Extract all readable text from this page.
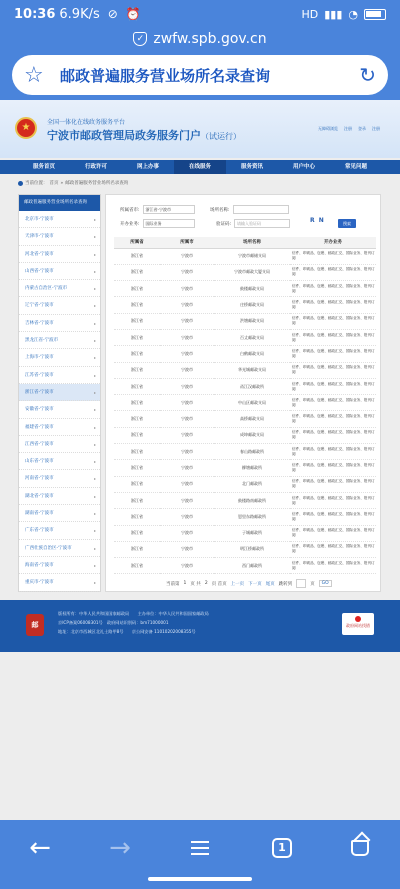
10:36 6.9K/s ⊘ ⏰	HD ▮▮▮ ◔
✓ zwfw.spb.gov.cn
☆	邮政普遍服务营业场所名录查询	↻
★	全国一体化在线政务服务平台
宁波市邮政管理局政务服务门户（试运行）
无障碍浏览 注册 登录 注册
服务首页	行政许可	网上办事	在线服务	服务资讯	用户中心	常见问题
当前位置： 首页 » 邮政普遍服务营业场所名录查询
邮政普遍服务营业场所名录查询
北京市-宁波市 ▸
天津市-宁波市 ▸
河北省-宁波市 ▸
山西省-宁波市 ▸
内蒙古自治区-宁波市 ▸
辽宁省-宁波市 ▸
吉林省-宁波市 ▸
黑龙江省-宁波市 ▸
上海市-宁波市 ▸
江苏省-宁波市 ▸
浙江省-宁波市 ▸
安徽省-宁波市 ▸
福建省-宁波市 ▸
江西省-宁波市 ▸
山东省-宁波市 ▸
河南省-宁波市 ▸
湖北省-宁波市 ▸
湖南省-宁波市 ▸
广东省-宁波市 ▸
广西壮族自治区-宁波市 ▸
海南省-宁波市 ▸
重庆市-宁波市 ▸
所属省市:	浙江省-宁波市	场所名称:
开办业务:	国际业务	验证码:	请输入验证码	R N	搜索
所属省	所属市	场所名称	开办业务
浙江省	宁波市	宁波市邮储支局	信件、印刷品、包裹、邮政汇兑、国际业务、报刊订阅
浙江省	宁波市	宁波市邮政大厦支局	信件、印刷品、包裹、邮政汇兑、国际业务、报刊订阅
浙江省	宁波市	鼓楼邮政支局	信件、印刷品、包裹、邮政汇兑、国际业务、报刊订阅
浙江省	宁波市	庄桥邮政支局	信件、印刷品、包裹、邮政汇兑、国际业务、报刊订阅
浙江省	宁波市	洪塘邮政支局	信件、印刷品、包裹、邮政汇兑、国际业务、报刊订阅
浙江省	宁波市	百丈邮政支局	信件、印刷品、包裹、邮政汇兑、国际业务、报刊订阅
浙江省	宁波市	白鹤邮政支局	信件、印刷品、包裹、邮政汇兑、国际业务、报刊订阅
浙江省	宁波市	华光城邮政支局	信件、印刷品、包裹、邮政汇兑、国际业务、报刊订阅
浙江省	宁波市	甬江汉邮政所	信件、印刷品、包裹、邮政汇兑、国际业务、报刊订阅
浙江省	宁波市	中山区邮政支局	信件、印刷品、包裹、邮政汇兑、国际业务、报刊订阅
浙江省	宁波市	高桥邮政支局	信件、印刷品、包裹、邮政汇兑、国际业务、报刊订阅
浙江省	宁波市	成坤邮政支局	信件、印刷品、包裹、邮政汇兑、国际业务、报刊订阅
浙江省	宁波市	春山路邮政所	信件、印刷品、包裹、邮政汇兑、国际业务、报刊订阅
浙江省	宁波市	柳塘邮政所	信件、印刷品、包裹、邮政汇兑、国际业务、报刊订阅
浙江省	宁波市	北门邮政所	信件、印刷品、包裹、邮政汇兑、国际业务、报刊订阅
浙江省	宁波市	鼓楼路南邮政所	信件、印刷品、包裹、邮政汇兑、国际业务、报刊订阅
浙江省	宁波市	恩里东路邮政所	信件、印刷品、包裹、邮政汇兑、国际业务、报刊订阅
浙江省	宁波市	子城邮政所	信件、印刷品、包裹、邮政汇兑、国际业务、报刊订阅
浙江省	宁波市	明江桥邮政所	信件、印刷品、包裹、邮政汇兑、国际业务、报刊订阅
浙江省	宁波市	西门邮政所	信件、印刷品、包裹、邮政汇兑、国际业务、报刊订阅
当前第 1 页 共 2 页 首页 上一页 下一页 尾页 跳转到	页	GO
邮
版权所有：中华人民共和国国家邮政局　　主办单位：中华人民共和国国家邮政局
京ICP备案06008301号　政府网站识别码：bm71000001
地址：北京市西城区北礼士路甲8号　　京公网安备 11010202008355号
政府网站找错
← →	1
